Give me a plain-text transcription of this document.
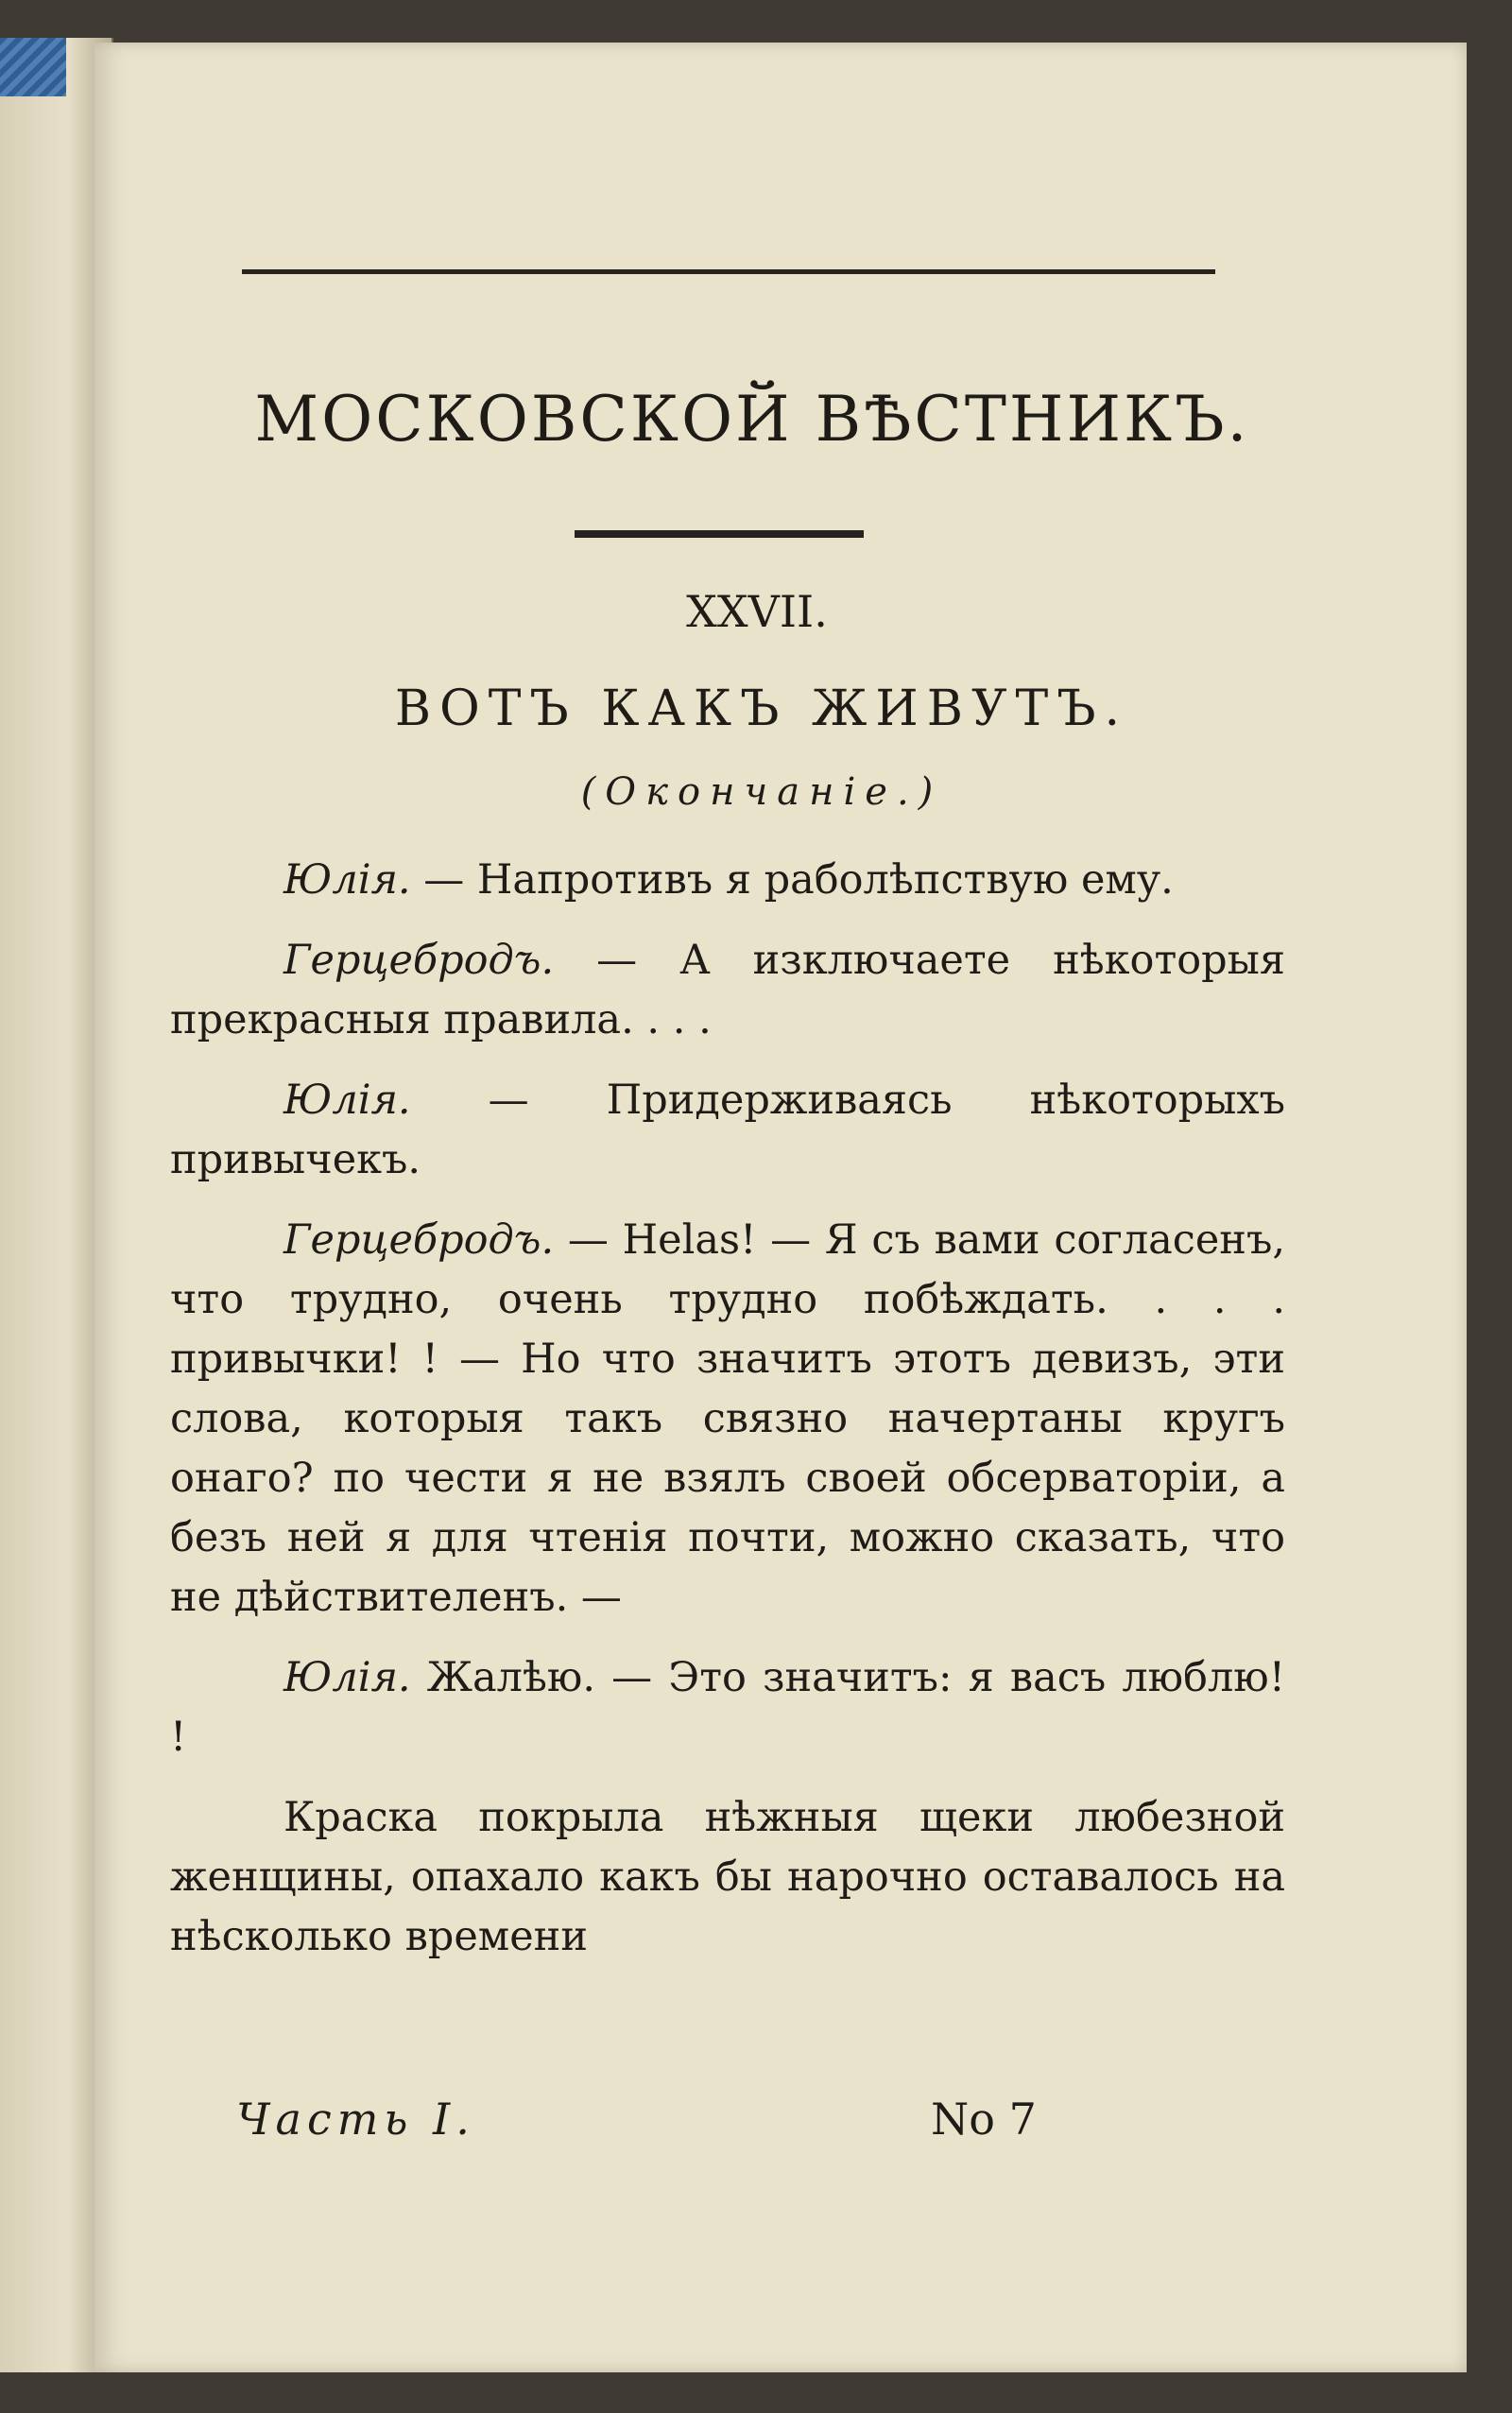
МОСКОВСКОЙ ВѢСТНИКЪ.
XXVII.
ВОТЪ КАКЪ ЖИВУТЪ.
(Окончаніе.)

Юлія. — Напротивъ я раболѣпствую ему.

Герцебродъ. — А изключаете нѣкоторыя прекрасныя правила. . . .

Юлія. — Придерживаясь нѣкоторыхъ привычекъ.

Герцебродъ. — Helas! — Я съ вами согласенъ, что трудно, очень трудно побѣждать. . . . привычки! ! — Но что значитъ этотъ девизъ, эти слова, которыя такъ связно начертаны кругъ онаго? по чести я не взялъ своей обсерваторіи, а безъ ней я для чтенія почти, можно сказать, что не дѣйствителенъ. —

Юлія. Жалѣю. — Это значитъ: я васъ люблю! !

Краска покрыла нѣжныя щеки любезной женщины, опахало какъ бы нарочно оставалось на нѣсколько времени

Часть I.	No 7
